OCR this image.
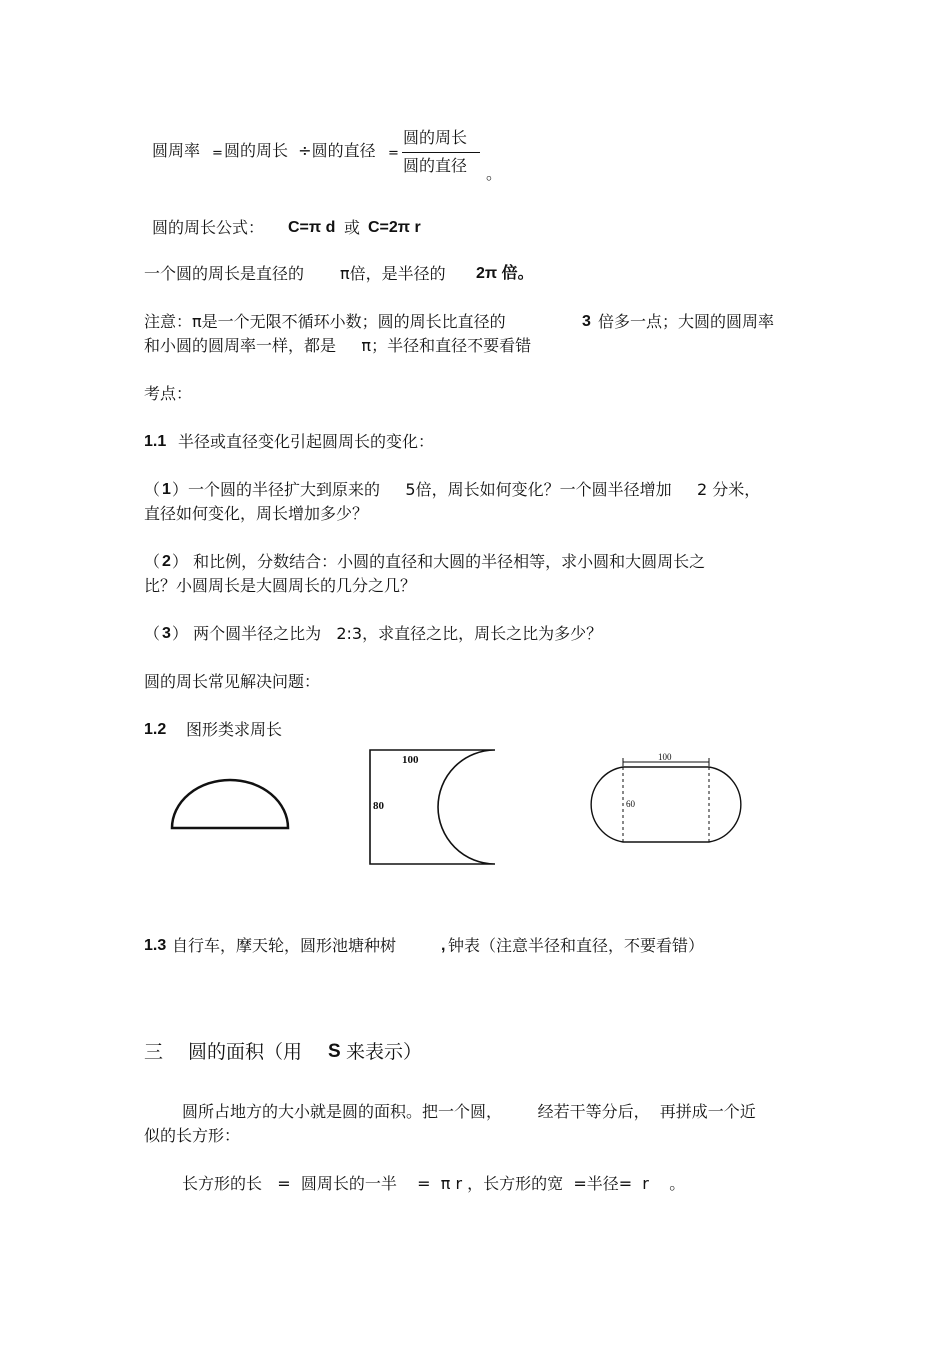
圆周率 = 圆的周长  ÷圆的直径 =
圆的周长
圆的直径 。
圆的周长公式： C=π d 或 C=2π r
一个圆的周长是直径的 π倍，是半径的 2π 倍。
注意：π是一个无限不循环小数；圆的周长比直径的	3 倍多一点；大圆的圆周率
和小圆的圆周率一样，都是     π；半径和直径不要看错
考点：
1.1 半径或直径变化引起圆周长的变化：
（ 1 ）一个圆的半径扩大到原来的     5倍，周长如何变化？一个圆半径增加     2 分米，
直径如何变化，周长增加多少？
（ 2 ） 和比例，分数结合：小圆的直径和大圆的半径相等，求小圆和大圆周长之
比？小圆周长是大圆周长的几分之几？
（ 3 ） 两个圆半径之比为   2:3，求直径之比，周长之比为多少？
圆的周长常见解决问题：
1.2 图形类求周长
100
80
100
60
1.3 自行车，摩天轮，圆形池塘种树	, 钟表（注意半径和直径，不要看错）
三 圆的面积（用 S 来表示）
圆所占地方的大小就是圆的面积。把一个圆，       经若干等分后，  再拼成一个近
似的长方形：
长方形的长   =  圆周长的一半    =  π r ，长方形的宽  =半径=  r    。
